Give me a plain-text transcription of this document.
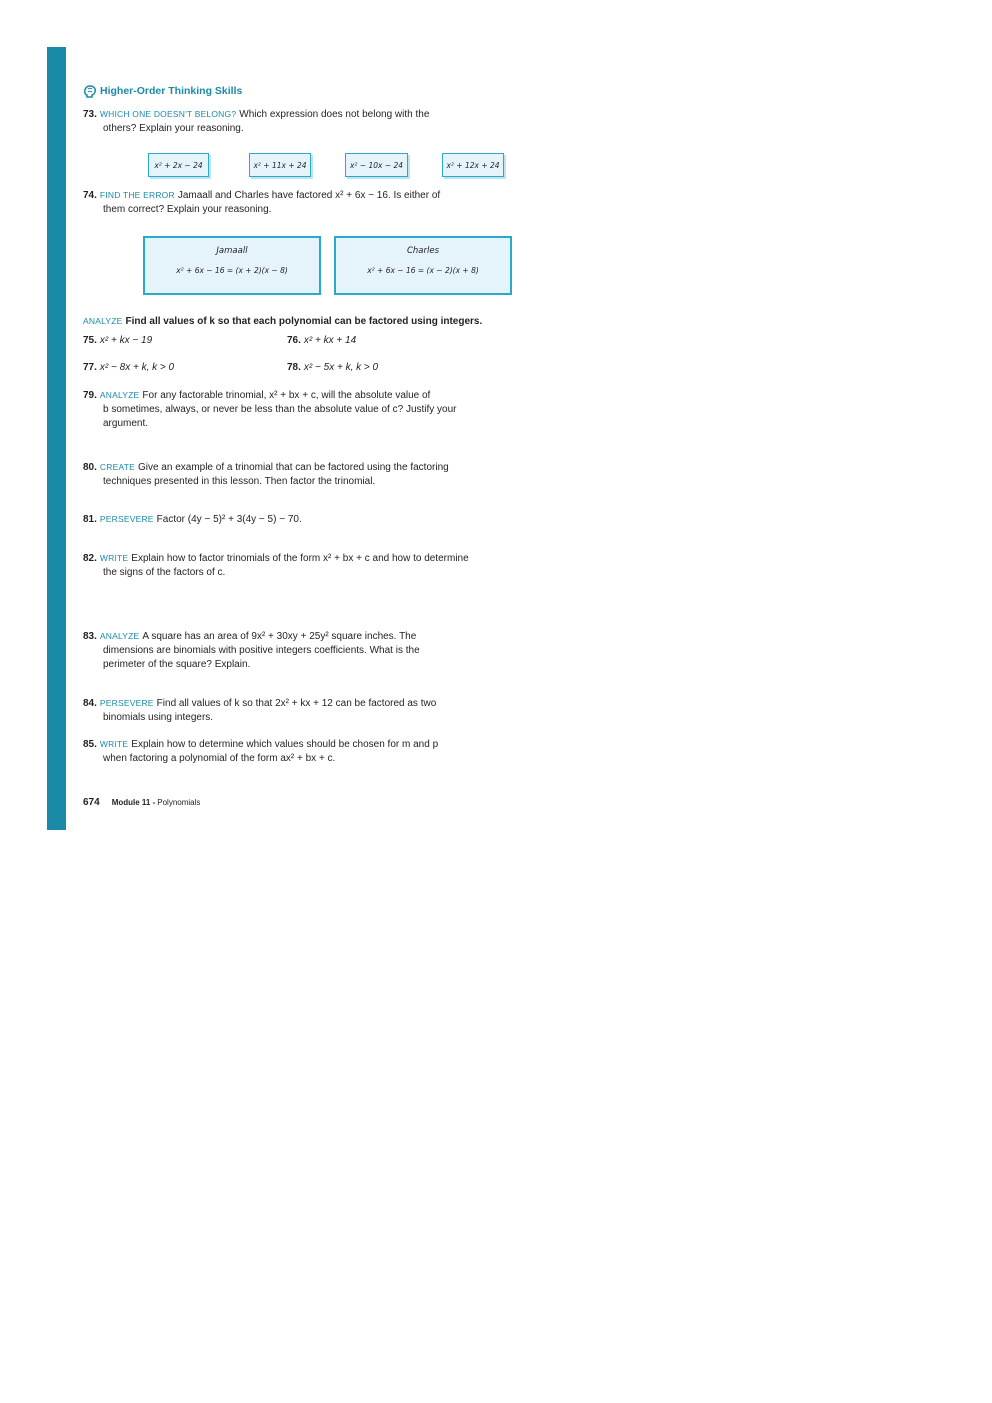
Higher-Order Thinking Skills
73. WHICH ONE DOESN'T BELONG? Which expression does not belong with the
others? Explain your reasoning.
x² + 2x − 24	x² + 11x + 24	x² − 10x − 24	x² + 12x + 24
74. FIND THE ERROR Jamaall and Charles have factored x² + 6x − 16. Is either of
them correct? Explain your reasoning.
Jamaall
x² + 6x − 16 = (x + 2)(x − 8)
Charles
x² + 6x − 16 = (x − 2)(x + 8)
ANALYZE Find all values of k so that each polynomial can be factored using integers.
75. x² + kx − 19	76. x² + kx + 14
77. x² − 8x + k, k > 0	78. x² − 5x + k, k > 0
79. ANALYZE For any factorable trinomial, x² + bx + c, will the absolute value of
b sometimes, always, or never be less than the absolute value of c? Justify your
argument.
80. CREATE Give an example of a trinomial that can be factored using the factoring
techniques presented in this lesson. Then factor the trinomial.
81. PERSEVERE Factor (4y − 5)² + 3(4y − 5) − 70.
82. WRITE Explain how to factor trinomials of the form x² + bx + c and how to determine
the signs of the factors of c.
83. ANALYZE A square has an area of 9x² + 30xy + 25y² square inches. The
dimensions are binomials with positive integers coefficients. What is the
perimeter of the square? Explain.
84. PERSEVERE Find all values of k so that 2x² + kx + 12 can be factored as two
binomials using integers.
85. WRITE Explain how to determine which values should be chosen for m and p
when factoring a polynomial of the form ax² + bx + c.
674 Module 11 - Polynomials
